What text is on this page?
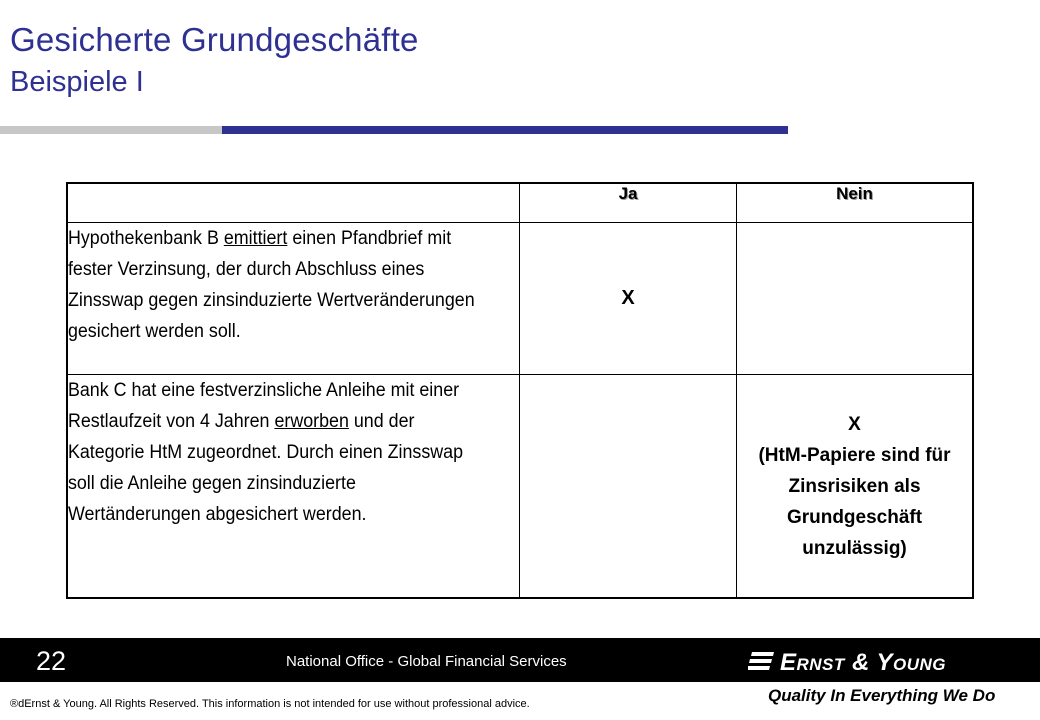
Gesicherte Grundgeschäfte
Beispiele I
	Ja	Nein
Hypothekenbank B emittiert einen Pfandbrief mit fester Verzinsung, der durch Abschluss eines Zinsswap gegen zinsinduzierte Wertveränderungen gesichert werden soll.	X	
Bank C hat eine festverzinsliche Anleihe mit einer Restlaufzeit von 4 Jahren erworben und der Kategorie HtM zugeordnet. Durch einen Zinsswap soll die Anleihe gegen zinsinduzierte Wertänderungen abgesichert werden.		X
(HtM-Papiere sind für Zinsrisiken als Grundgeschäft unzulässig)
22	National Office - Global Financial Services	Ernst & Young
Quality In Everything We Do
®dErnst & Young. All Rights Reserved. This information is not intended for use without professional advice.
